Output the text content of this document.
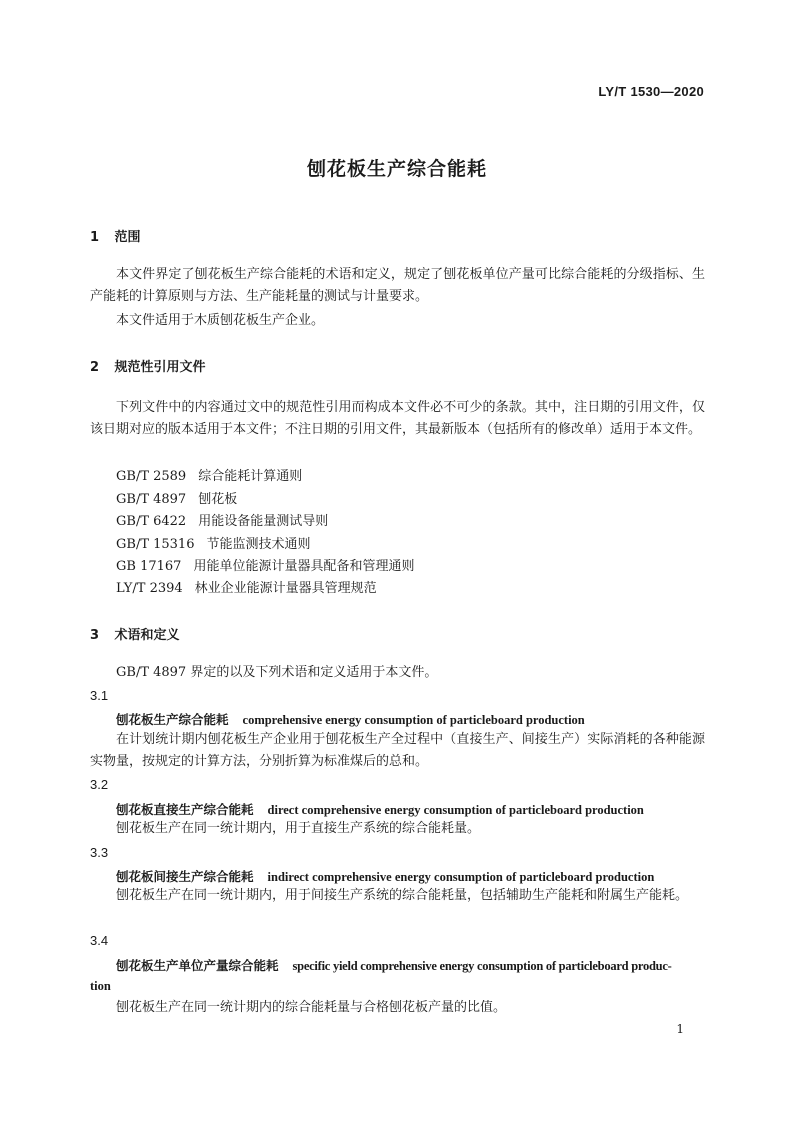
LY/T 1530—2020
刨花板生产综合能耗
1 范围
本文件界定了刨花板生产综合能耗的术语和定义，规定了刨花板单位产量可比综合能耗的分级指标、生产能耗的计算原则与方法、生产能耗量的测试与计量要求。
本文件适用于木质刨花板生产企业。
2 规范性引用文件
下列文件中的内容通过文中的规范性引用而构成本文件必不可少的条款。其中，注日期的引用文件，仅该日期对应的版本适用于本文件；不注日期的引用文件，其最新版本（包括所有的修改单）适用于本文件。
GB/T 2589 综合能耗计算通则
GB/T 4897 刨花板
GB/T 6422 用能设备能量测试导则
GB/T 15316 节能监测技术通则
GB 17167 用能单位能源计量器具配备和管理通则
LY/T 2394 林业企业能源计量器具管理规范
3 术语和定义
GB/T 4897 界定的以及下列术语和定义适用于本文件。
3.1
刨花板生产综合能耗 comprehensive energy consumption of particleboard production
在计划统计期内刨花板生产企业用于刨花板生产全过程中（直接生产、间接生产）实际消耗的各种能源实物量，按规定的计算方法，分别折算为标准煤后的总和。
3.2
刨花板直接生产综合能耗 direct comprehensive energy consumption of particleboard production
刨花板生产在同一统计期内，用于直接生产系统的综合能耗量。
3.3
刨花板间接生产综合能耗 indirect comprehensive energy consumption of particleboard production
刨花板生产在同一统计期内，用于间接生产系统的综合能耗量，包括辅助生产能耗和附属生产能耗。
3.4
刨花板生产单位产量综合能耗 specific yield comprehensive energy consumption of particleboard produc-
tion
刨花板生产在同一统计期内的综合能耗量与合格刨花板产量的比值。
1
